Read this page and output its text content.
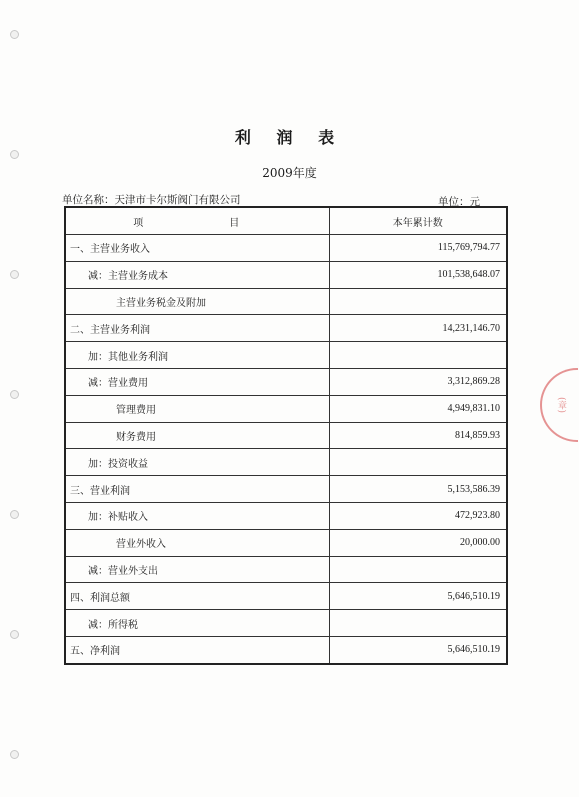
利 润 表
2009年度
单位名称：天津市卡尔斯阀门有限公司	单位：元
项　　目	本年累计数
一、主营业务收入	115,769,794.77
减：主营业务成本	101,538,648.07
主营业务税金及附加	
二、主营业务利润	14,231,146.70
加：其他业务利润	
减：营业费用	3,312,869.28
管理费用	4,949,831.10
财务费用	814,859.93
加：投资收益	
三、营业利润	5,153,586.39
加：补贴收入	472,923.80
营业外收入	20,000.00
减：营业外支出	
四、利润总额	5,646,510.19
减：所得税	
五、净利润	5,646,510.19
(章)
